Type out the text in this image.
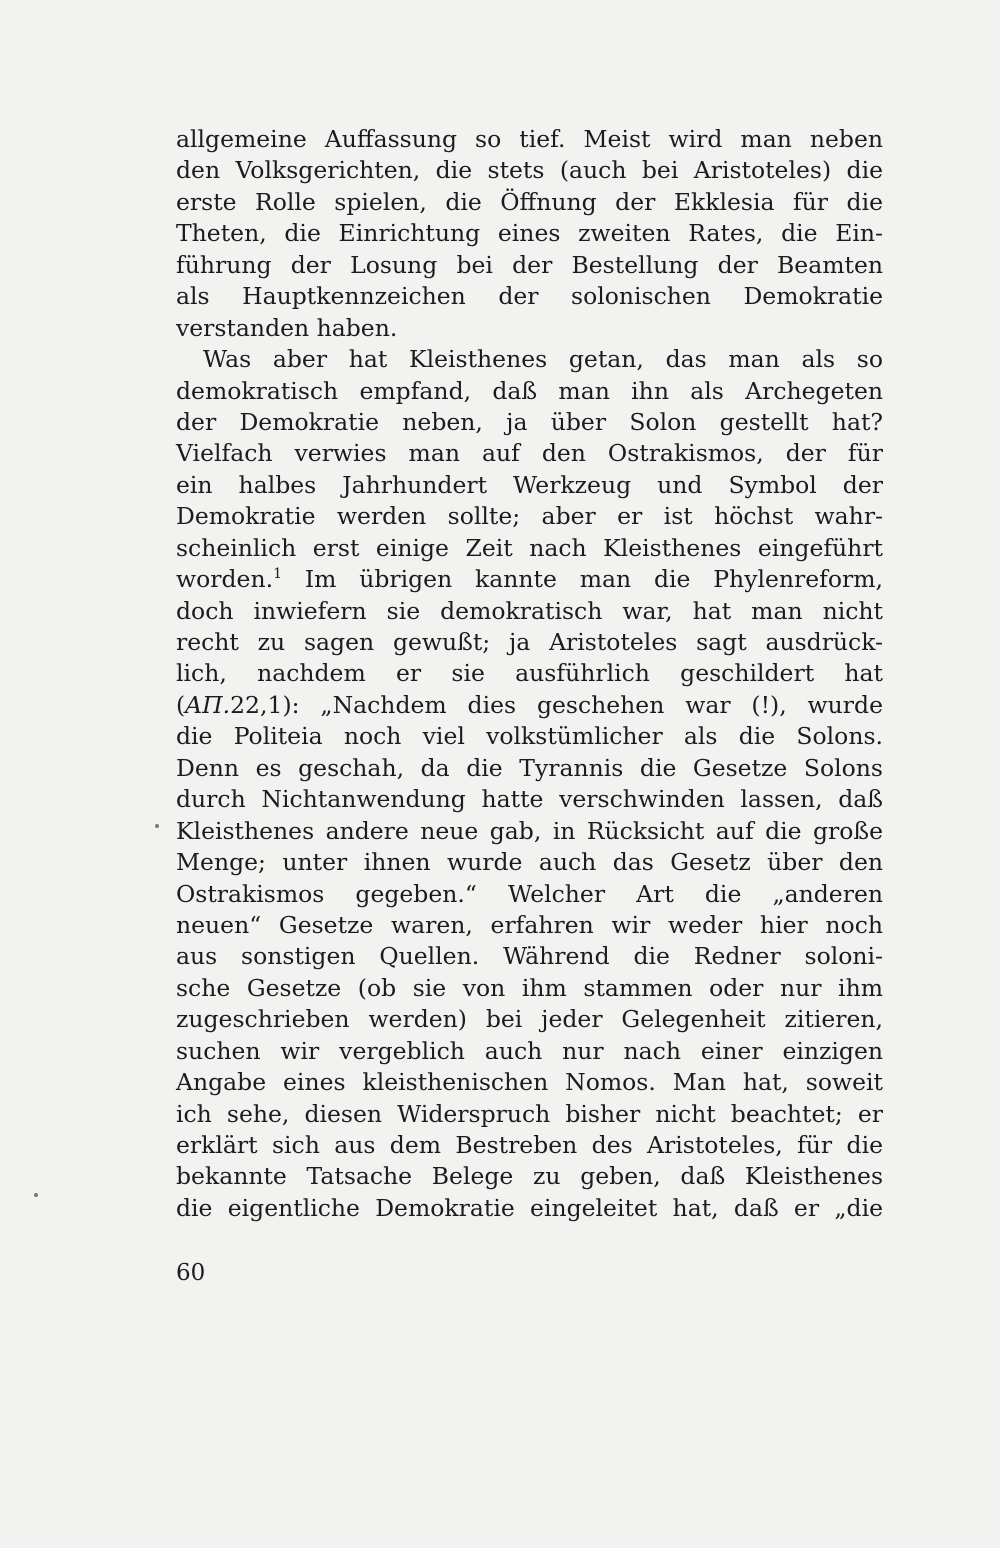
allgemeine Auffassung so tief. Meist wird man neben
den Volksgerichten, die stets (auch bei Aristoteles) die
erste Rolle spielen, die Öffnung der Ekklesia für die
Theten, die Einrichtung eines zweiten Rates, die Ein-
führung der Losung bei der Bestellung der Beamten
als Hauptkennzeichen der solonischen Demokratie
verstanden haben.
Was aber hat Kleisthenes getan, das man als so
demokratisch empfand, daß man ihn als Archegeten
der Demokratie neben, ja über Solon gestellt hat?
Vielfach verwies man auf den Ostrakismos, der für
ein halbes Jahrhundert Werkzeug und Symbol der
Demokratie werden sollte; aber er ist höchst wahr-
scheinlich erst einige Zeit nach Kleisthenes eingeführt
worden.$^1$ Im übrigen kannte man die Phylenreform,
doch inwiefern sie demokratisch war, hat man nicht
recht zu sagen gewußt; ja Aristoteles sagt ausdrück-
lich, nachdem er sie ausführlich geschildert hat
(ΑΠ.22,1): „Nachdem dies geschehen war (!), wurde
die Politeia noch viel volkstümlicher als die Solons.
Denn es geschah, da die Tyrannis die Gesetze Solons
durch Nichtanwendung hatte verschwinden lassen, daß
Kleisthenes andere neue gab, in Rücksicht auf die große
Menge; unter ihnen wurde auch das Gesetz über den
Ostrakismos gegeben.“ Welcher Art die „anderen
neuen“ Gesetze waren, erfahren wir weder hier noch
aus sonstigen Quellen. Während die Redner soloni-
sche Gesetze (ob sie von ihm stammen oder nur ihm
zugeschrieben werden) bei jeder Gelegenheit zitieren,
suchen wir vergeblich auch nur nach einer einzigen
Angabe eines kleisthenischen Nomos. Man hat, soweit
ich sehe, diesen Widerspruch bisher nicht beachtet; er
erklärt sich aus dem Bestreben des Aristoteles, für die
bekannte Tatsache Belege zu geben, daß Kleisthenes
die eigentliche Demokratie eingeleitet hat, daß er „die
60
